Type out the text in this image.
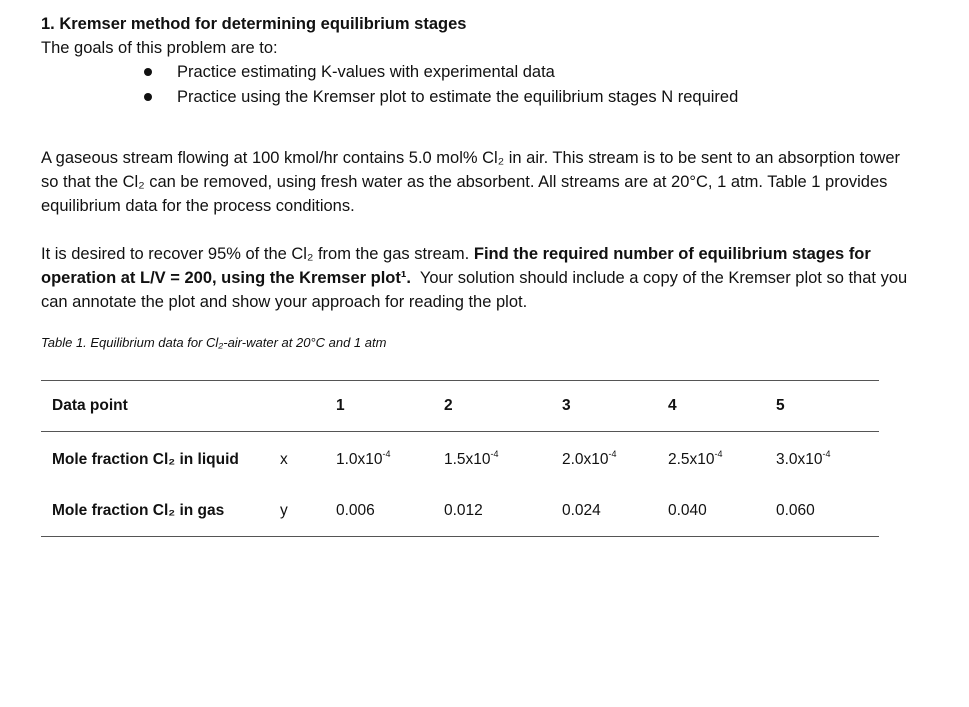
1. Kremser method for determining equilibrium stages

The goals of this problem are to:

Practice estimating K-values with experimental data
Practice using the Kremser plot to estimate the equilibrium stages N required

A gaseous stream flowing at 100 kmol/hr contains 5.0 mol% Cl₂ in air. This stream is to be sent to an absorption tower so that the Cl₂ can be removed, using fresh water as the absorbent. All streams are at 20°C, 1 atm. Table 1 provides equilibrium data for the process conditions.

It is desired to recover 95% of the Cl₂ from the gas stream. Find the required number of equilibrium stages for operation at L/V = 200, using the Kremser plot¹. Your solution should include a copy of the Kremser plot so that you can annotate the plot and show your approach for reading the plot.

Table 1. Equilibrium data for Cl₂-air-water at 20°C and 1 atm

Data point		1	2	3	4	5
Mole fraction Cl₂ in liquid	x	$1.0x10^{-4}$	$1.5x10^{-4}$	$2.0x10^{-4}$	$2.5x10^{-4}$	$3.0x10^{-4}$
Mole fraction Cl₂ in gas	y	0.006	0.012	0.024	0.040	0.060
